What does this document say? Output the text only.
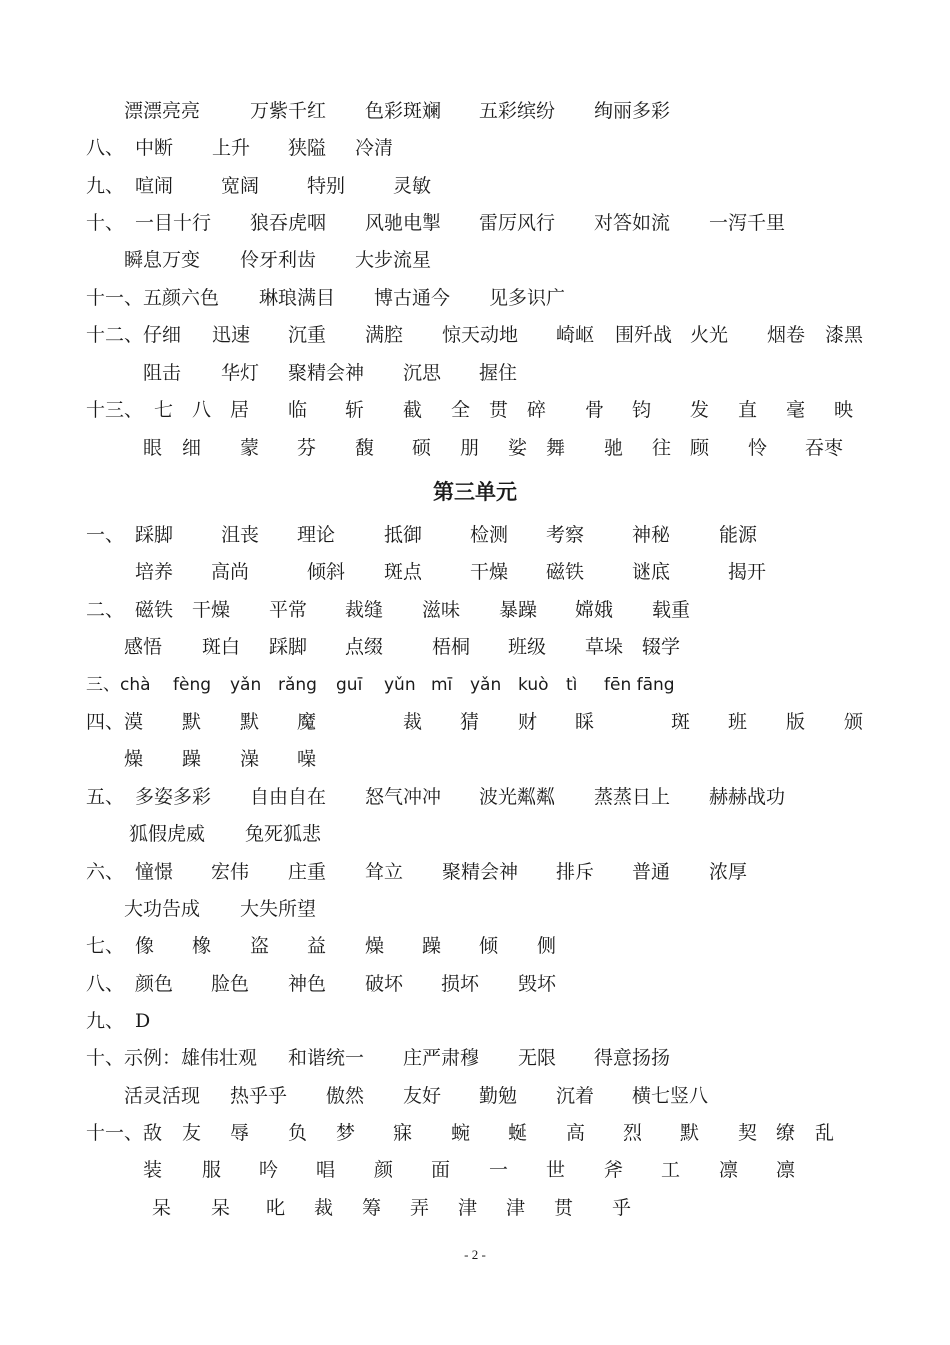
漂漂亮亮	万紫千红 色彩斑斓 五彩缤纷 绚丽多彩
八、 中断 上升 狭隘 冷清
九、 喧闹	宽阔	特别	灵敏
十、 一目十行 狼吞虎咽 风驰电掣 雷厉风行 对答如流 一泻千里
瞬息万变 伶牙利齿 大步流星
十一、五颜六色 琳琅满目 博古通今 见多识广
十二、仔细 迅速 沉重 满腔 惊天动地 崎岖 围歼战 火光 烟卷 漆黑
阻击 华灯 聚精会神 沉思 握住
十三、 七 八 居 临 斩 截 全 贯 碎 骨 钧 发 直 毫 映
眼 细 蒙 芬 馥 硕 朋 娑 舞 驰 往 顾 怜 吞枣
第三单元
一、 踩脚	沮丧 理论	抵御	检测 考察	神秘	能源
培养 高尚	倾斜 斑点	干燥 磁铁	谜底	揭开
二、 磁铁 干燥 平常 裁缝 滋味 暴躁 嫦娥 载重
感悟 斑白 踩脚 点缀	梧桐 班级 草垛 辍学
三、chà fèng yǎn rǎng guī yǔn mī yǎn kuò tì fēn fāng
四、漠 默 默 魔	裁 猜 财 睬	斑 班 版 颁
燥 躁 澡 噪
五、 多姿多彩 自由自在 怒气冲冲 波光粼粼 蒸蒸日上 赫赫战功
狐假虎威 兔死狐悲
六、 憧憬 宏伟 庄重 耸立 聚精会神 排斥 普通 浓厚
大功告成 大失所望
七、 像 橡 盗 益 燥 躁 倾 侧
八、 颜色 脸色 神色 破坏 损坏 毁坏
九、 D
十、示例：雄伟壮观 和谐统一 庄严肃穆 无限 得意扬扬
活灵活现 热乎乎 傲然 友好 勤勉 沉着 横七竖八
十一、敌 友 辱 负 梦 寐 蜿 蜒 高 烈 默 契 缭 乱
装 服 吟 唱 颜 面 一 世 斧 工 凛 凛
呆 呆 叱 裁 筹 弄 津 津 贯 乎
- 2 -
